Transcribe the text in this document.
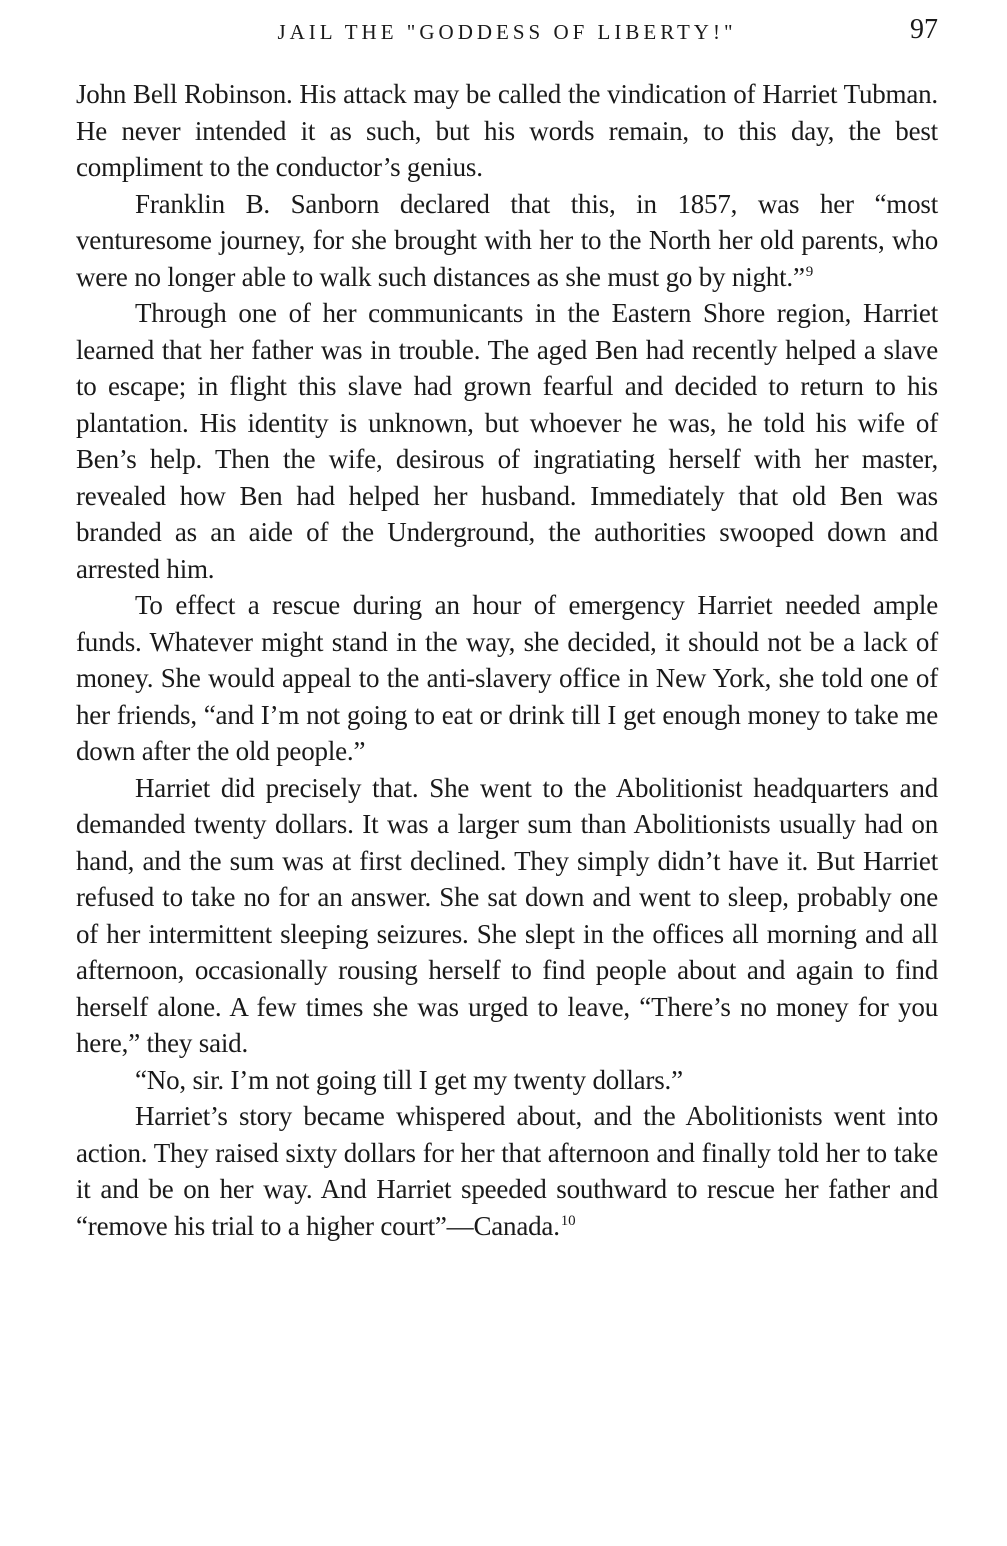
JAIL THE "GODDESS OF LIBERTY!"	97

John Bell Robinson. His attack may be called the vindication of Harriet Tubman. He never intended it as such, but his words remain, to this day, the best compliment to the conductor’s genius.

Franklin B. Sanborn declared that this, in 1857, was her “most venturesome journey, for she brought with her to the North her old parents, who were no longer able to walk such distances as she must go by night.”$^9$

Through one of her communicants in the Eastern Shore region, Harriet learned that her father was in trouble. The aged Ben had recently helped a slave to escape; in flight this slave had grown fearful and decided to return to his plantation. His identity is unknown, but whoever he was, he told his wife of Ben’s help. Then the wife, desirous of ingratiating herself with her master, revealed how Ben had helped her husband. Immediately that old Ben was branded as an aide of the Underground, the authorities swooped down and arrested him.

To effect a rescue during an hour of emergency Harriet needed ample funds. Whatever might stand in the way, she decided, it should not be a lack of money. She would appeal to the anti-slavery office in New York, she told one of her friends, “and I’m not going to eat or drink till I get enough money to take me down after the old people.”

Harriet did precisely that. She went to the Abolitionist headquarters and demanded twenty dollars. It was a larger sum than Abolitionists usually had on hand, and the sum was at first declined. They simply didn’t have it. But Harriet refused to take no for an answer. She sat down and went to sleep, probably one of her intermittent sleeping seizures. She slept in the offices all morning and all afternoon, occasionally rousing herself to find people about and again to find herself alone. A few times she was urged to leave, “There’s no money for you here,” they said.

“No, sir. I’m not going till I get my twenty dollars.”

Harriet’s story became whispered about, and the Abolitionists went into action. They raised sixty dollars for her that afternoon and finally told her to take it and be on her way. And Harriet speeded southward to rescue her father and “remove his trial to a higher court”—Canada.$^{10}$
